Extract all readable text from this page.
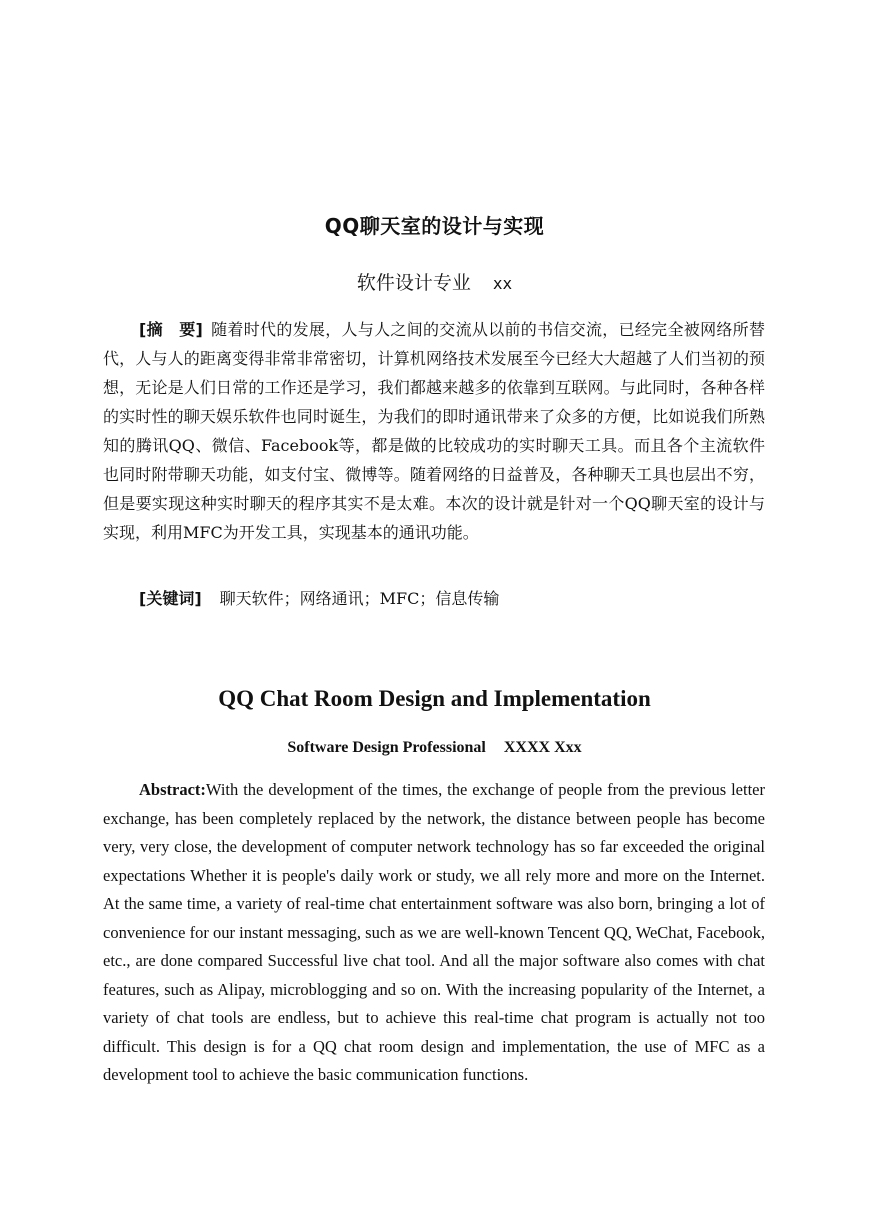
QQ聊天室的设计与实现
软件设计专业 xx

[摘　要] 随着时代的发展，人与人之间的交流从以前的书信交流，已经完全被网络所替代，人与人的距离变得非常非常密切，计算机网络技术发展至今已经大大超越了人们当初的预想，无论是人们日常的工作还是学习，我们都越来越多的依靠到互联网。与此同时，各种各样的实时性的聊天娱乐软件也同时诞生，为我们的即时通讯带来了众多的方便，比如说我们所熟知的腾讯QQ、微信、Facebook等，都是做的比较成功的实时聊天工具。而且各个主流软件也同时附带聊天功能，如支付宝、微博等。随着网络的日益普及，各种聊天工具也层出不穷，但是要实现这种实时聊天的程序其实不是太难。本次的设计就是针对一个QQ聊天室的设计与实现，利用MFC为开发工具，实现基本的通讯功能。

[关键词] 聊天软件；网络通讯；MFC；信息传输

QQ Chat Room Design and Implementation
Software Design Professional XXXX Xxx

Abstract:With the development of the times, the exchange of people from the previous letter exchange, has been completely replaced by the network, the distance between people has become very, very close, the development of computer network technology has so far exceeded the original expectations Whether it is people's daily work or study, we all rely more and more on the Internet. At the same time, a variety of real-time chat entertainment software was also born, bringing a lot of convenience for our instant messaging, such as we are well-known Tencent QQ, WeChat, Facebook, etc., are done compared Successful live chat tool. And all the major software also comes with chat features, such as Alipay, microblogging and so on. With the increasing popularity of the Internet, a variety of chat tools are endless, but to achieve this real-time chat program is actually not too difficult. This design is for a QQ chat room design and implementation, the use of MFC as a development tool to achieve the basic communication functions.
